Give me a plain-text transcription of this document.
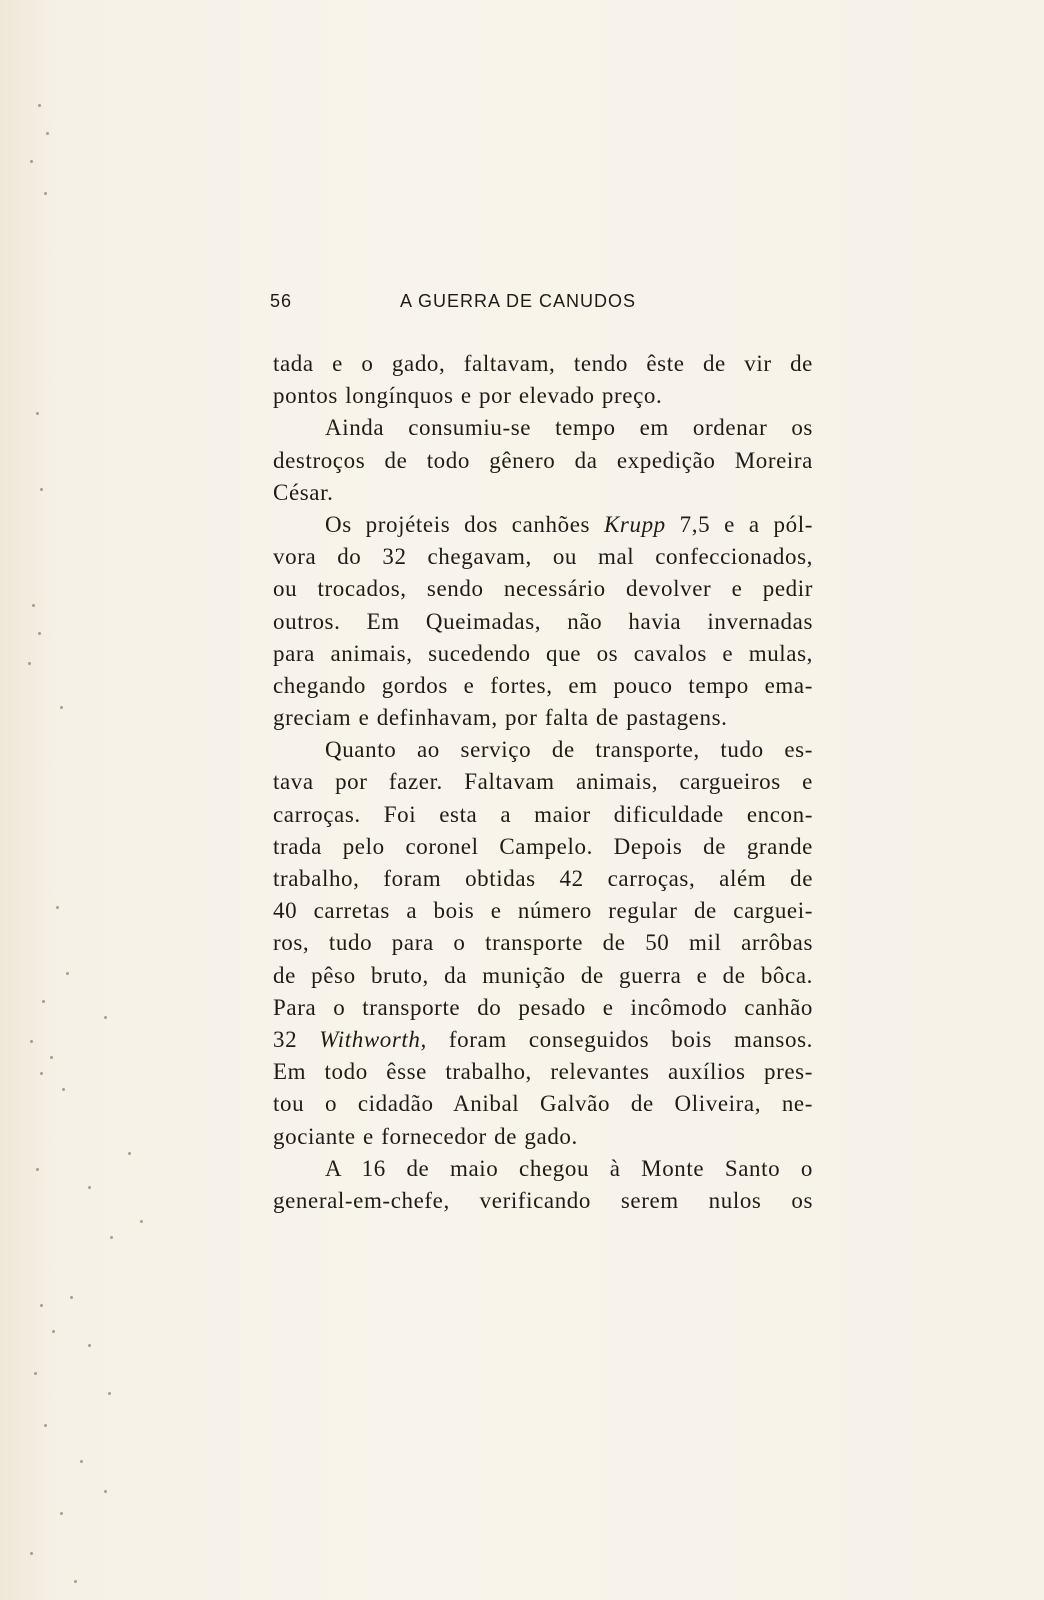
56	A GUERRA DE CANUDOS
tada e o gado, faltavam, tendo êste de vir de
pontos longínquos e por elevado preço.
Ainda consumiu-se tempo em ordenar os
destroços de todo gênero da expedição Moreira
César.
Os projéteis dos canhões Krupp 7,5 e a pól-
vora do 32 chegavam, ou mal confeccionados,
ou trocados, sendo necessário devolver e pedir
outros. Em Queimadas, não havia invernadas
para animais, sucedendo que os cavalos e mulas,
chegando gordos e fortes, em pouco tempo ema-
greciam e definhavam, por falta de pastagens.
Quanto ao serviço de transporte, tudo es-
tava por fazer. Faltavam animais, cargueiros e
carroças. Foi esta a maior dificuldade encon-
trada pelo coronel Campelo. Depois de grande
trabalho, foram obtidas 42 carroças, além de
40 carretas a bois e número regular de carguei-
ros, tudo para o transporte de 50 mil arrôbas
de pêso bruto, da munição de guerra e de bôca.
Para o transporte do pesado e incômodo canhão
32 Withworth, foram conseguidos bois mansos.
Em todo êsse trabalho, relevantes auxílios pres-
tou o cidadão Anibal Galvão de Oliveira, ne-
gociante e fornecedor de gado.
A 16 de maio chegou à Monte Santo o
general-em-chefe, verificando serem nulos os
